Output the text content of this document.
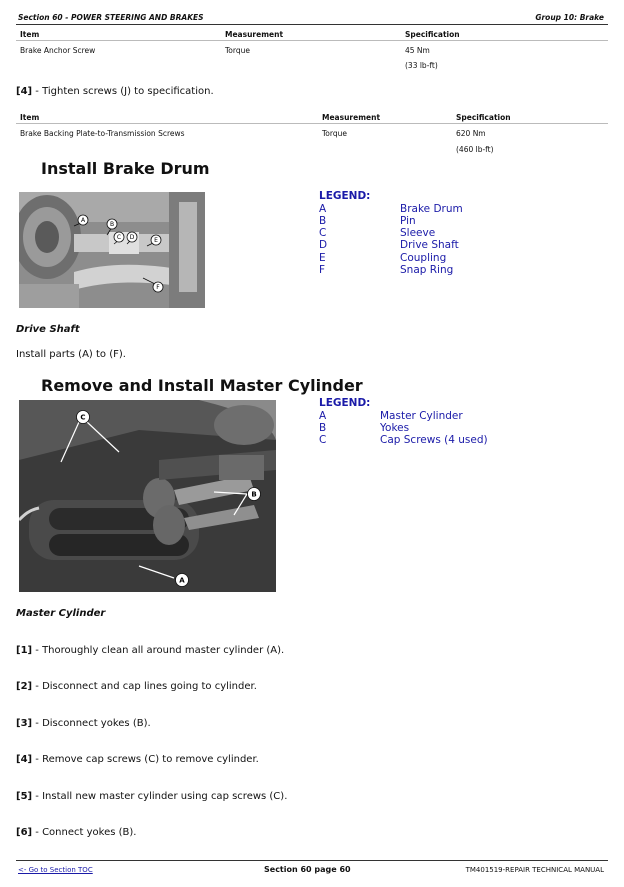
Section 60 - POWER STEERING AND BRAKES	Group 10: Brake
Item	Measurement	Specification
Brake Anchor Screw	Torque	45 Nm
(33 lb-ft)
[4] - Tighten screws (J) to specification.
Item	Measurement	Specification
Brake Backing Plate-to-Transmission Screws	Torque	620 Nm
(460 lb-ft)
Install Brake Drum
A
B
C D	E
F
LEGEND:
A	Brake Drum
B	Pin
C	Sleeve
D	Drive Shaft
E	Coupling
F	Snap Ring
Drive Shaft
Install parts (A) to (F).
Remove and Install Master Cylinder
C
B
A
LEGEND:
A	Master Cylinder
B	Yokes
C	Cap Screws (4 used)
Master Cylinder
[1] - Thoroughly clean all around master cylinder (A).
[2] - Disconnect and cap lines going to cylinder.
[3] - Disconnect yokes (B).
[4] - Remove cap screws (C) to remove cylinder.
[5] - Install new master cylinder using cap screws (C).
[6] - Connect yokes (B).
<- Go to Section TOC	Section 60 page 60	TM401519-REPAIR TECHNICAL MANUAL
